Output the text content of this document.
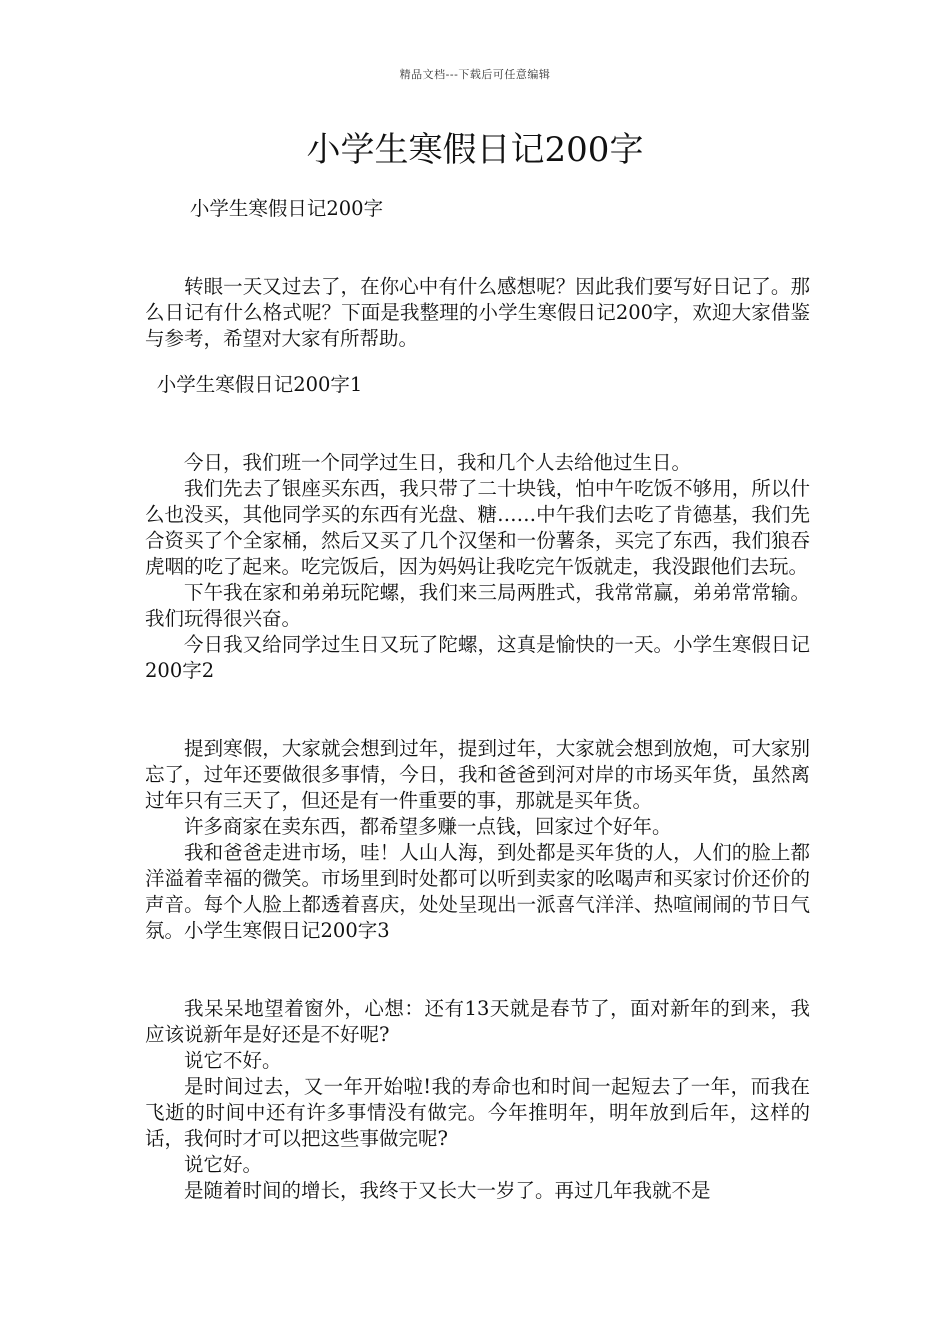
精品文档---下载后可任意编辑
小学生寒假日记200字

小学生寒假日记200字

转眼一天又过去了，在你心中有什么感想呢？因此我们要写好日记了。那么日记有什么格式呢？下面是我整理的小学生寒假日记200字，欢迎大家借鉴与参考，希望对大家有所帮助。

小学生寒假日记200字1

今日，我们班一个同学过生日，我和几个人去给他过生日。

我们先去了银座买东西，我只带了二十块钱，怕中午吃饭不够用，所以什么也没买，其他同学买的东西有光盘、糖……中午我们去吃了肯德基，我们先合资买了个全家桶，然后又买了几个汉堡和一份薯条，买完了东西，我们狼吞虎咽的吃了起来。吃完饭后，因为妈妈让我吃完午饭就走，我没跟他们去玩。

下午我在家和弟弟玩陀螺，我们来三局两胜式，我常常赢，弟弟常常输。我们玩得很兴奋。

今日我又给同学过生日又玩了陀螺，这真是愉快的一天。小学生寒假日记200字2

提到寒假，大家就会想到过年，提到过年，大家就会想到放炮，可大家别忘了，过年还要做很多事情，今日，我和爸爸到河对岸的市场买年货，虽然离过年只有三天了，但还是有一件重要的事，那就是买年货。

许多商家在卖东西，都希望多赚一点钱，回家过个好年。

我和爸爸走进市场，哇！人山人海，到处都是买年货的人，人们的脸上都洋溢着幸福的微笑。市场里到时处都可以听到卖家的吆喝声和买家讨价还价的声音。每个人脸上都透着喜庆，处处呈现出一派喜气洋洋、热喧闹闹的节日气氛。小学生寒假日记200字3

我呆呆地望着窗外，心想：还有13天就是春节了，面对新年的到来，我应该说新年是好还是不好呢?

说它不好。

是时间过去，又一年开始啦!我的寿命也和时间一起短去了一年，而我在飞逝的时间中还有许多事情没有做完。今年推明年，明年放到后年，这样的话，我何时才可以把这些事做完呢?

说它好。

是随着时间的增长，我终于又长大一岁了。再过几年我就不是
